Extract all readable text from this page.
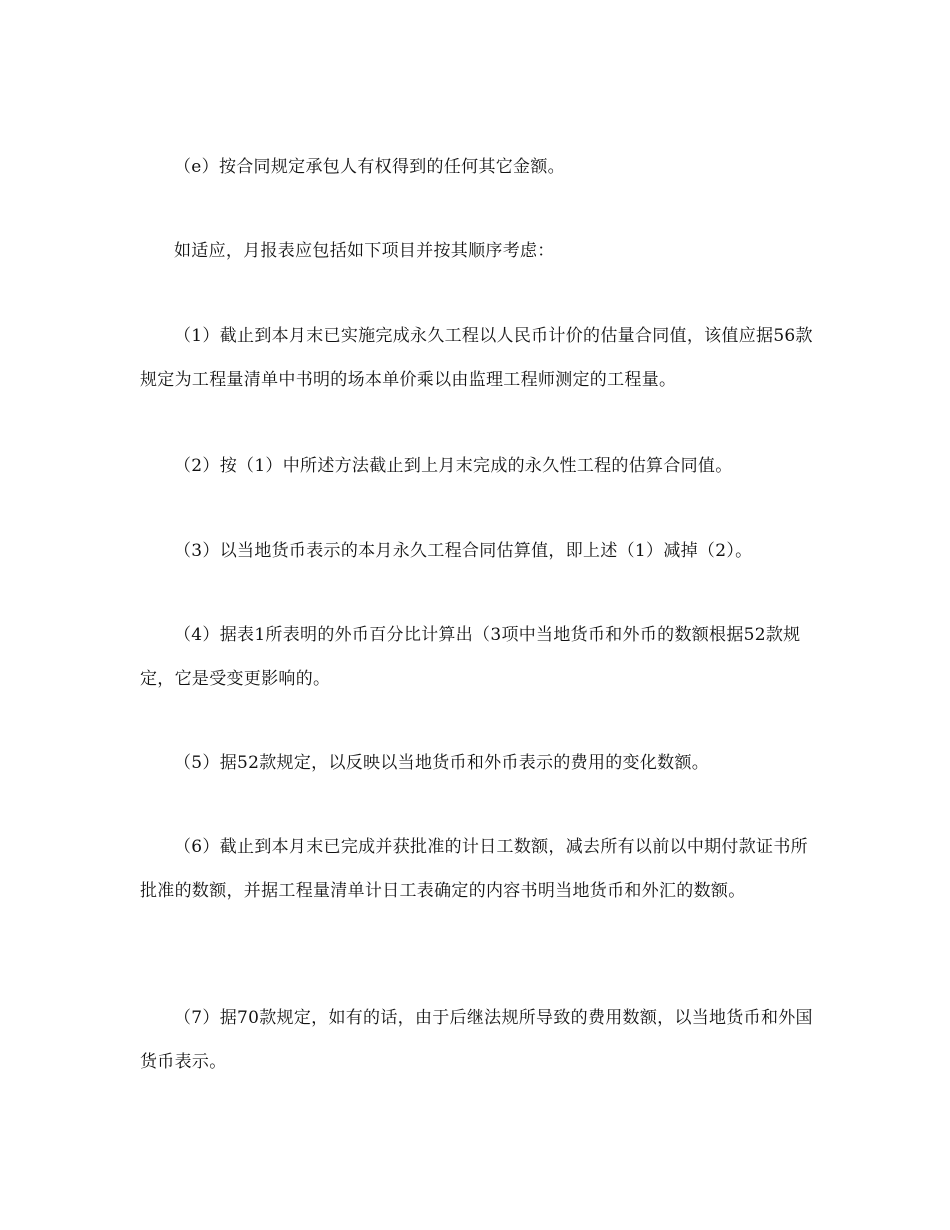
（e）按合同规定承包人有权得到的任何其它金额。

如适应，月报表应包括如下项目并按其顺序考虑：

（1）截止到本月末已实施完成永久工程以人民币计价的估量合同值，该值应据56款规定为工程量清单中书明的场本单价乘以由监理工程师测定的工程量。

（2）按（1）中所述方法截止到上月末完成的永久性工程的估算合同值。

（3）以当地货币表示的本月永久工程合同估算值，即上述（1）减掉（2）。

（4）据表1所表明的外币百分比计算出（3项中当地货币和外币的数额根据52款规定，它是受变更影响的。

（5）据52款规定，以反映以当地货币和外币表示的费用的变化数额。

（6）截止到本月末已完成并获批准的计日工数额，减去所有以前以中期付款证书所批准的数额，并据工程量清单计日工表确定的内容书明当地货币和外汇的数额。

（7）据70款规定，如有的话，由于后继法规所导致的费用数额，以当地货币和外国货币表示。
